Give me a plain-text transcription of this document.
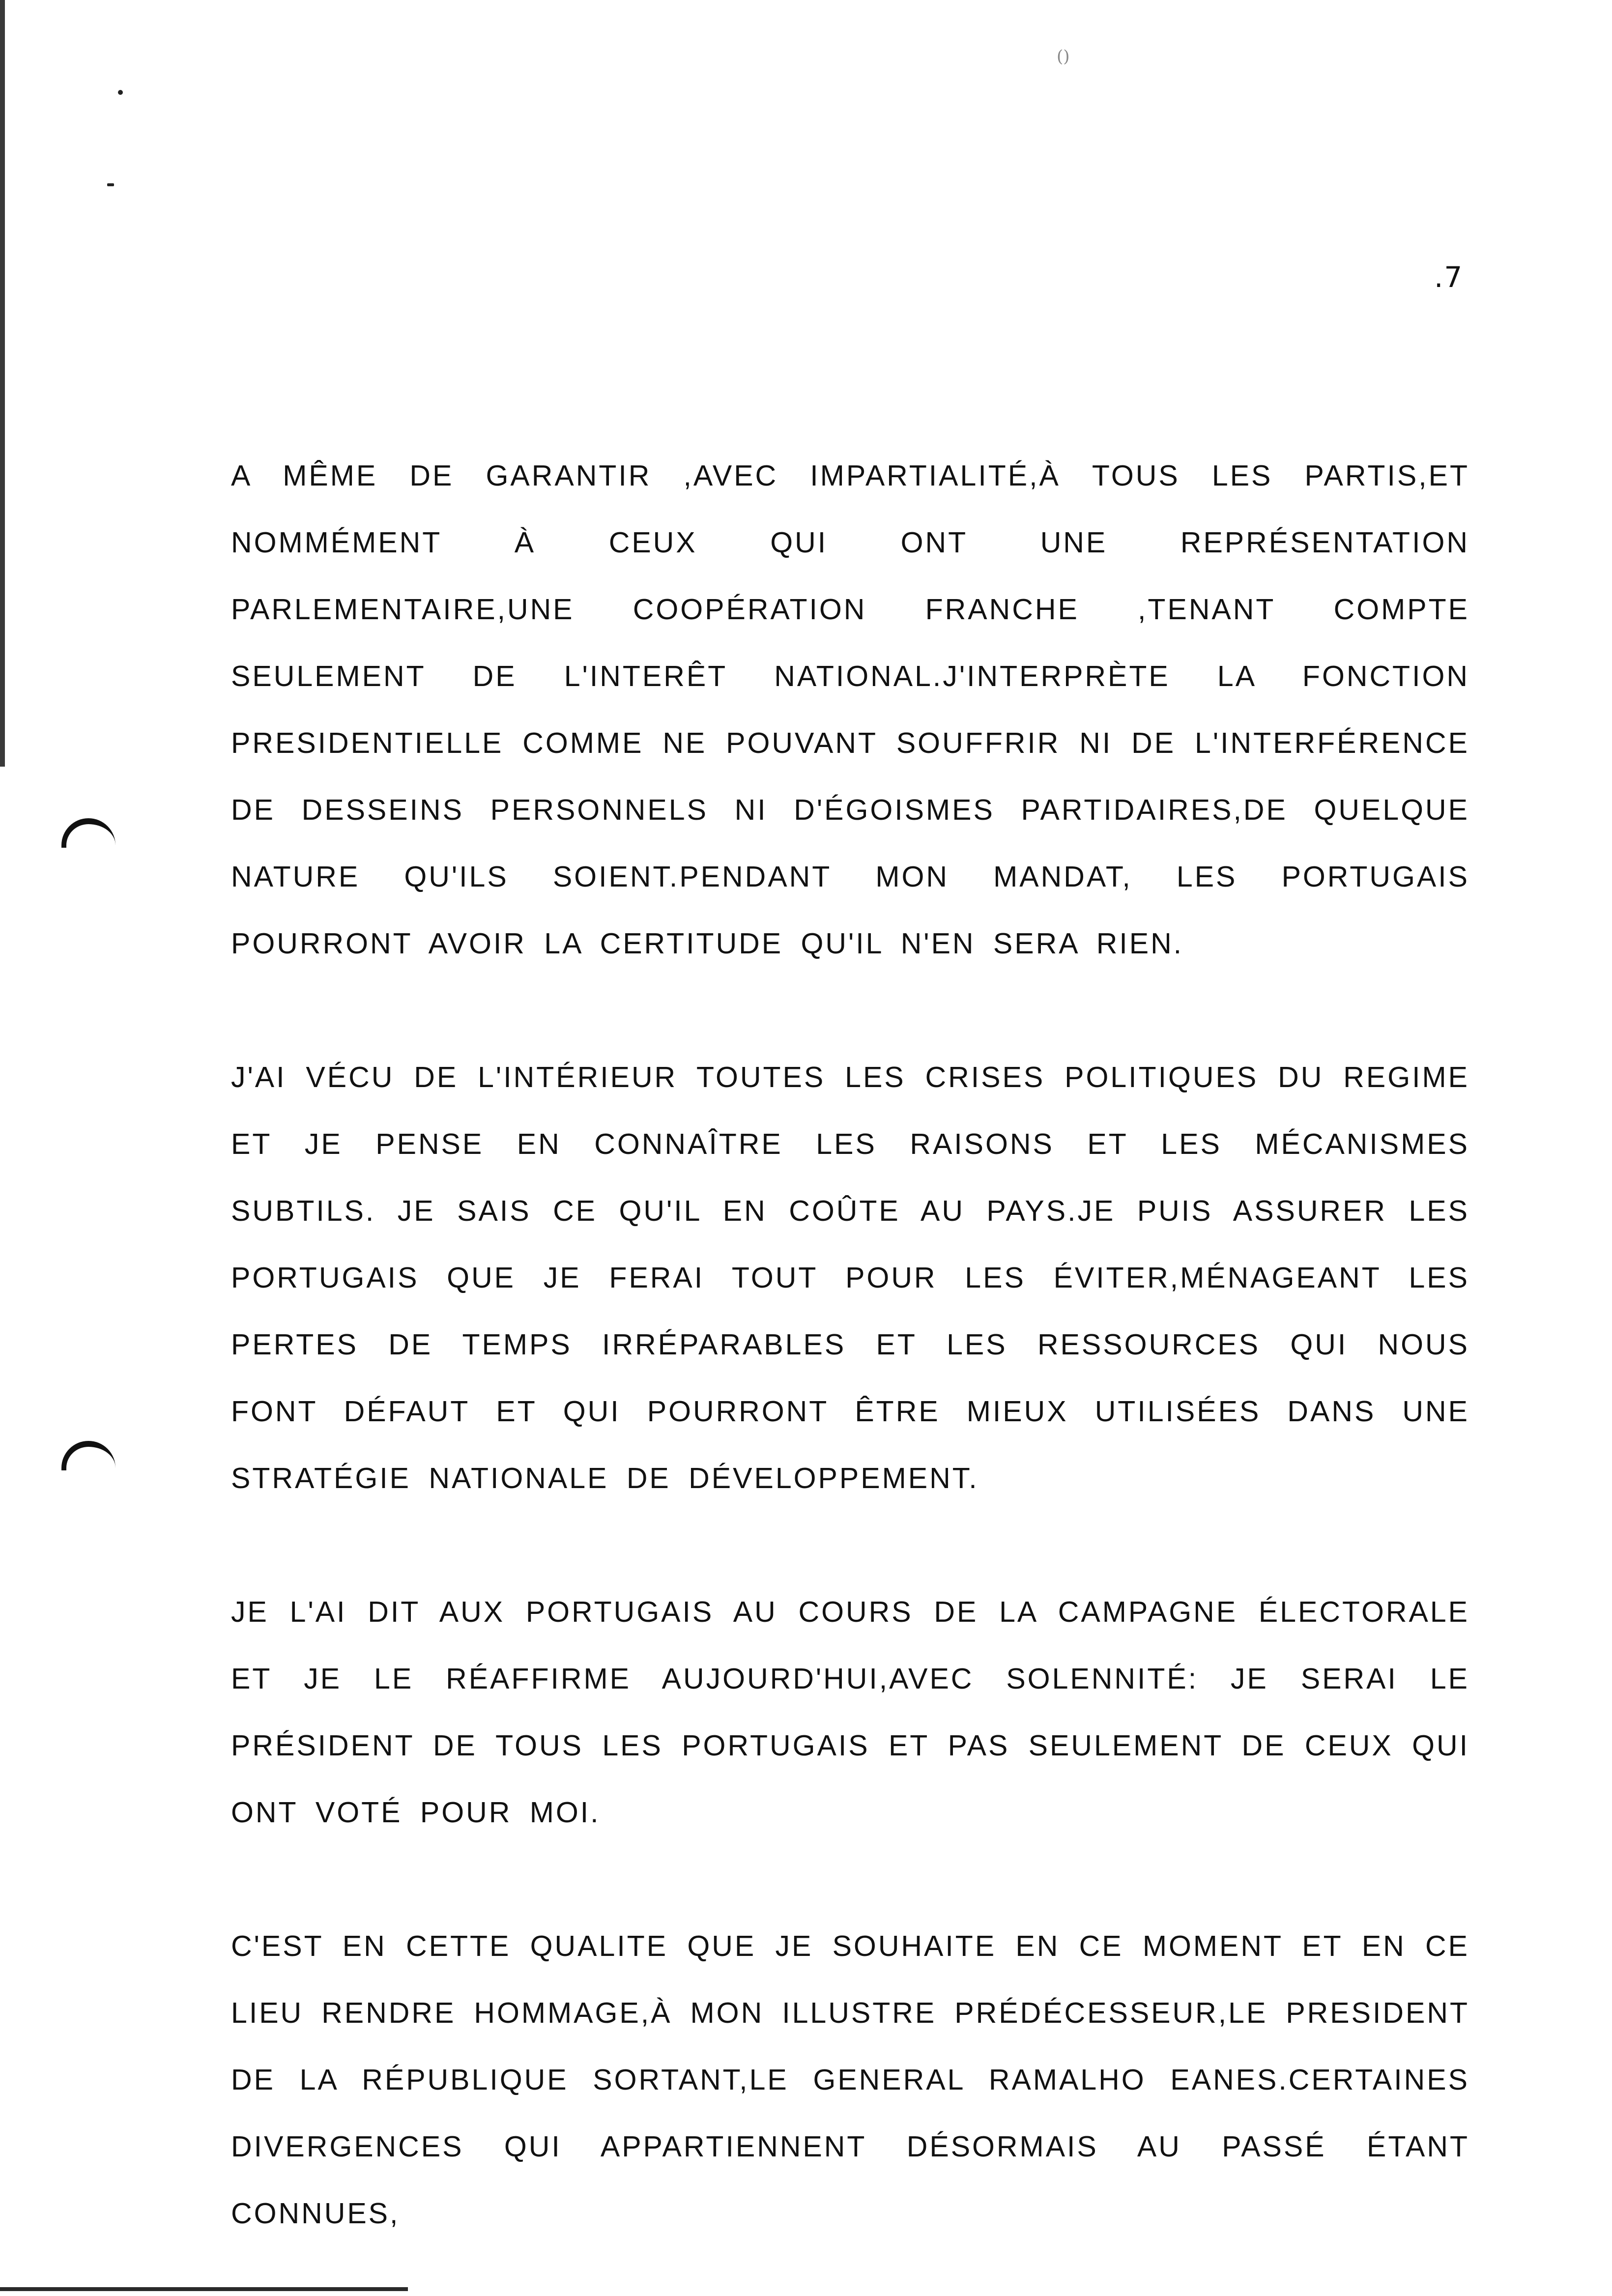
()
.7

A MÊME DE GARANTIR ,AVEC IMPARTIALITÉ,À TOUS LES PARTIS,ET NOMMÉMENT À CEUX QUI ONT UNE REPRÉSENTATION PARLEMENTAIRE,UNE COOPÉRATION FRANCHE ,TENANT COMPTE SEULEMENT DE L'INTERÊT NATIONAL.J'INTERPRÈTE LA FONCTION PRESIDENTIELLE COMME NE POUVANT SOUFFRIR NI DE L'INTERFÉRENCE DE DESSEINS PERSONNELS NI D'ÉGOISMES PARTIDAIRES,DE QUELQUE NATURE QU'ILS SOIENT.PENDANT MON MANDAT, LES PORTUGAIS POURRONT AVOIR LA CERTITUDE QU'IL N'EN SERA RIEN.

J'AI VÉCU DE L'INTÉRIEUR TOUTES LES CRISES POLITIQUES DU REGIME ET JE PENSE EN CONNAÎTRE LES RAISONS ET LES MÉCANISMES SUBTILS. JE SAIS CE QU'IL EN COÛTE AU PAYS.JE PUIS ASSURER LES PORTUGAIS QUE JE FERAI TOUT POUR LES ÉVITER,MÉNAGEANT LES PERTES DE TEMPS IRRÉPARABLES ET LES RESSOURCES QUI NOUS FONT DÉFAUT ET QUI POURRONT ÊTRE MIEUX UTILISÉES DANS UNE STRATÉGIE NATIONALE DE DÉVELOPPEMENT.

JE L'AI DIT AUX PORTUGAIS AU COURS DE LA CAMPAGNE ÉLECTORALE ET JE LE RÉAFFIRME AUJOURD'HUI,AVEC SOLENNITÉ: JE SERAI LE PRÉSIDENT DE TOUS LES PORTUGAIS ET PAS SEULEMENT DE CEUX QUI ONT VOTÉ POUR MOI.

C'EST EN CETTE QUALITE QUE JE SOUHAITE EN CE MOMENT ET EN CE LIEU RENDRE HOMMAGE,À MON ILLUSTRE PRÉDÉCESSEUR,LE PRESIDENT DE LA RÉPUBLIQUE SORTANT,LE GENERAL RAMALHO EANES.CERTAINES DIVERGENCES QUI APPARTIENNENT DÉSORMAIS AU PASSÉ ÉTANT CONNUES,
